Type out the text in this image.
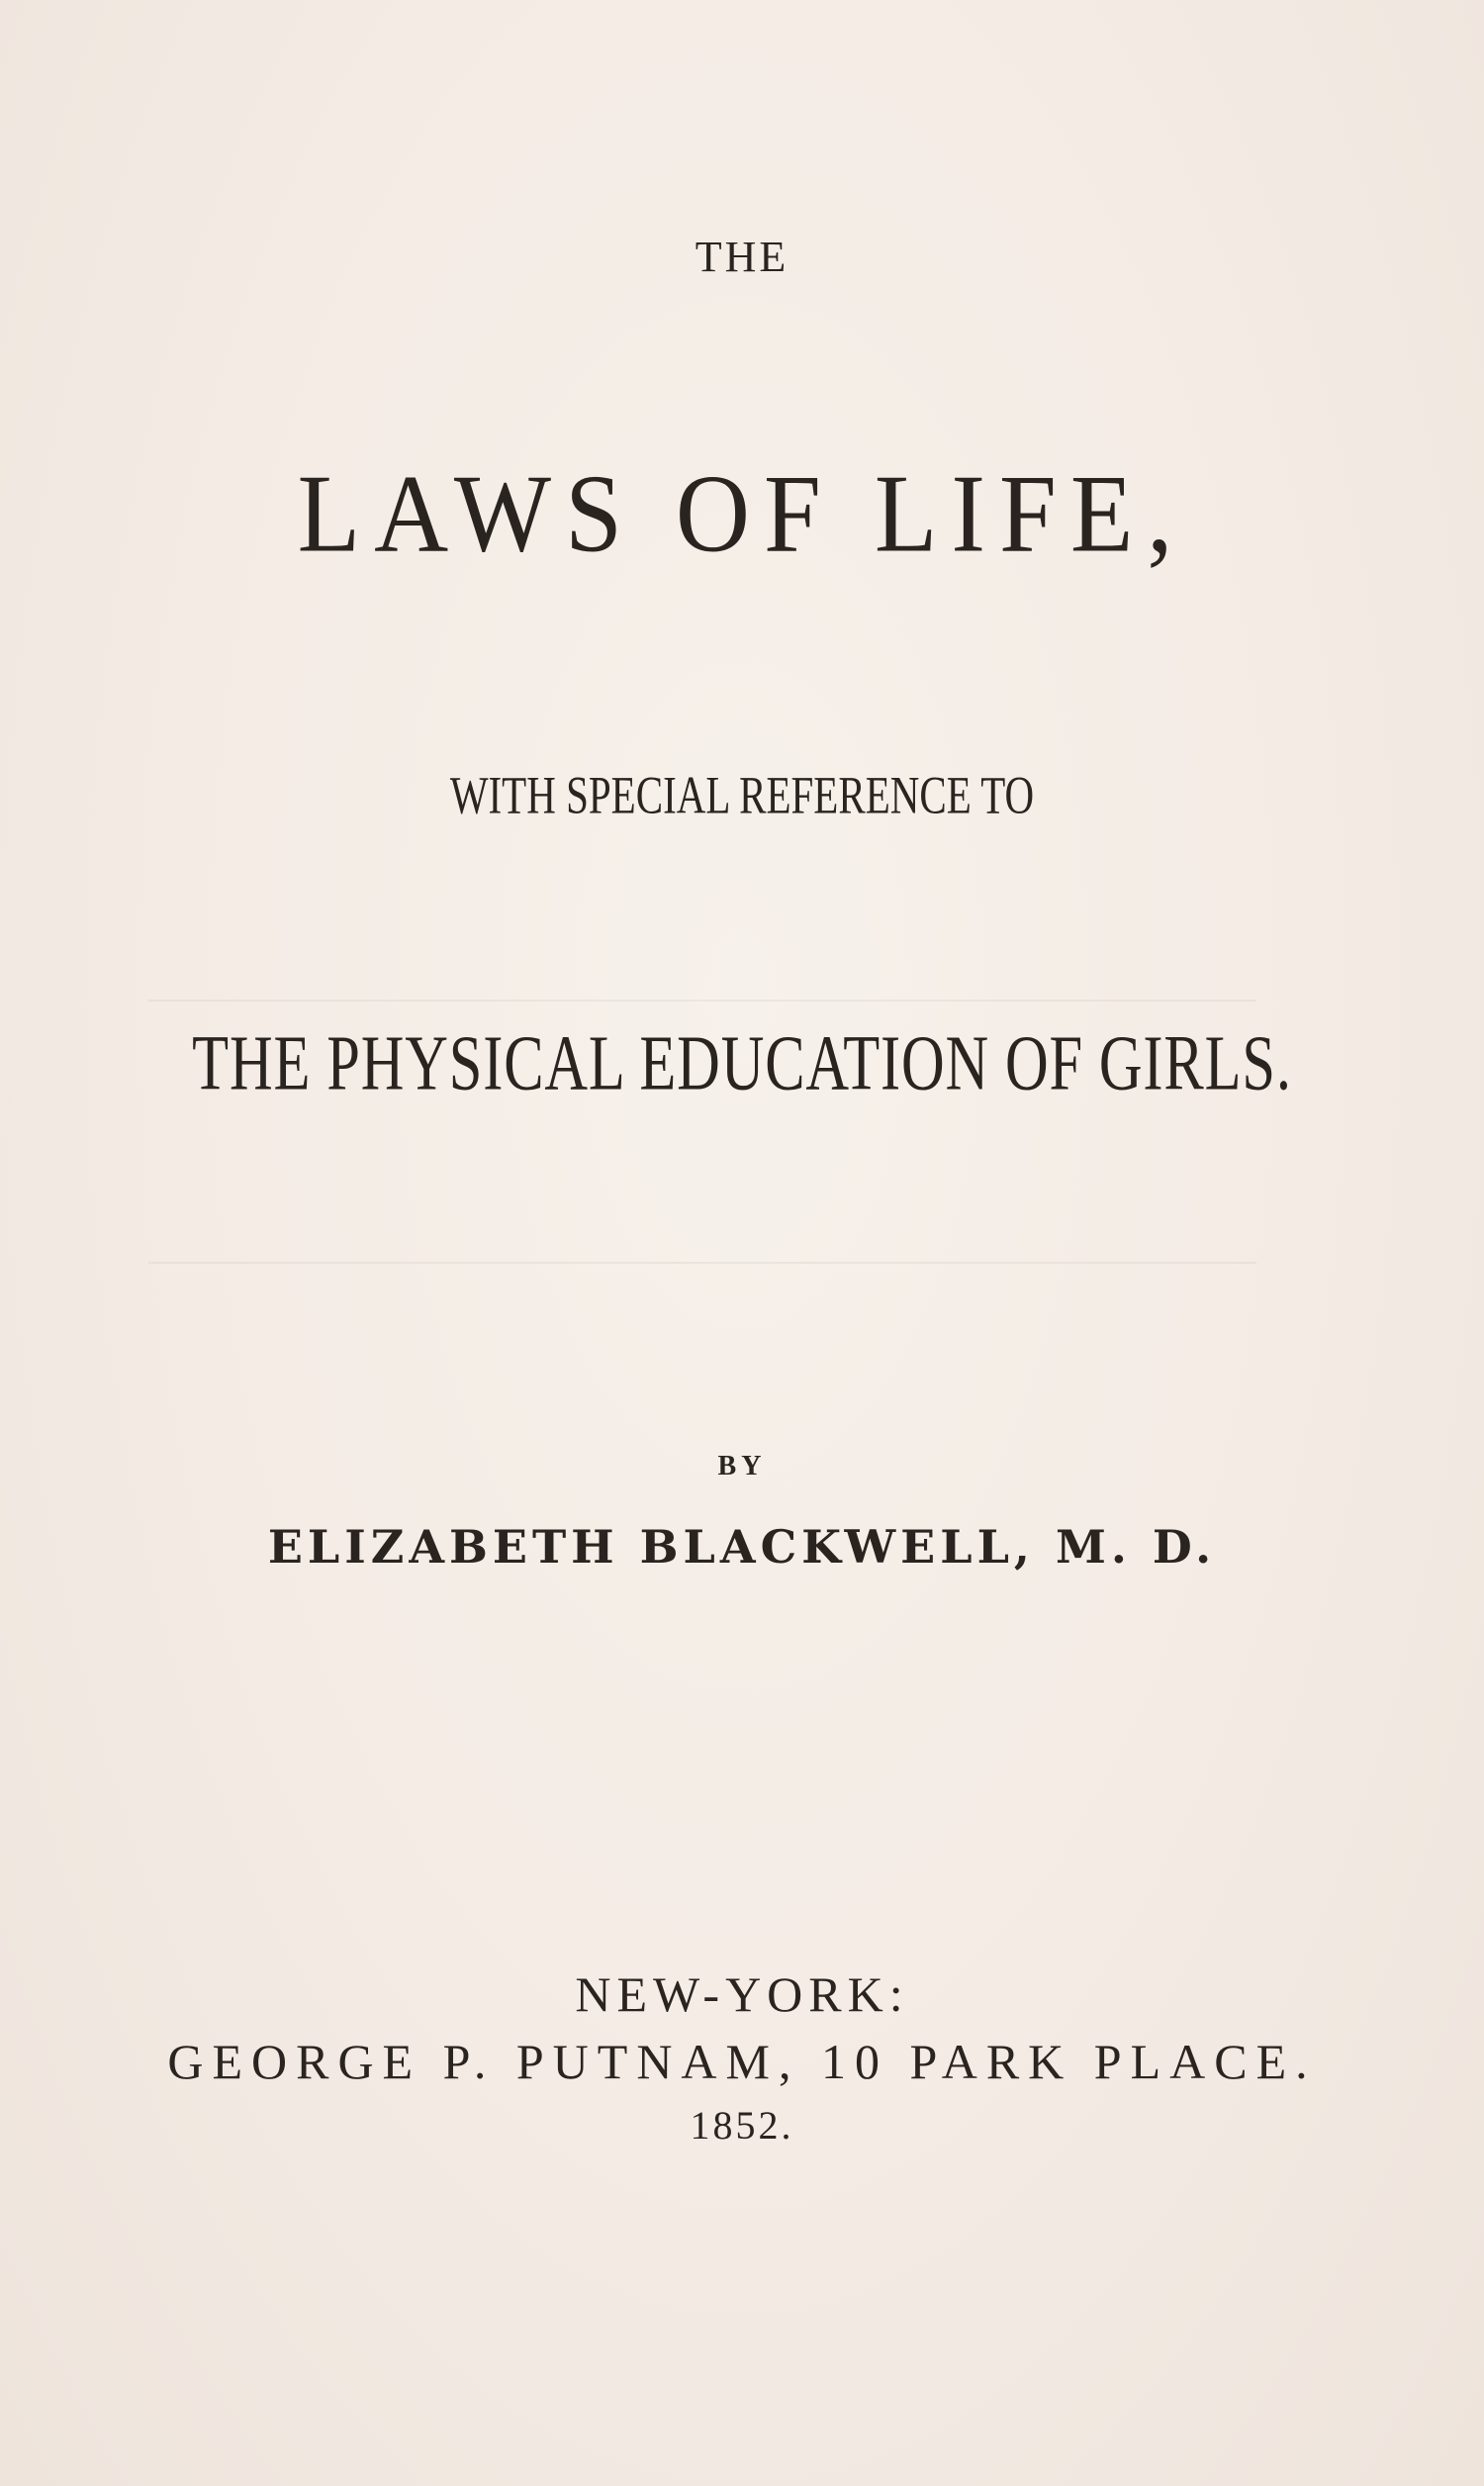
THE
LAWS OF LIFE,
WITH SPECIAL REFERENCE TO
THE PHYSICAL EDUCATION OF GIRLS.
BY
ELIZABETH BLACKWELL, M. D.
NEW-YORK:
GEORGE P. PUTNAM, 10 PARK PLACE.
1852.
